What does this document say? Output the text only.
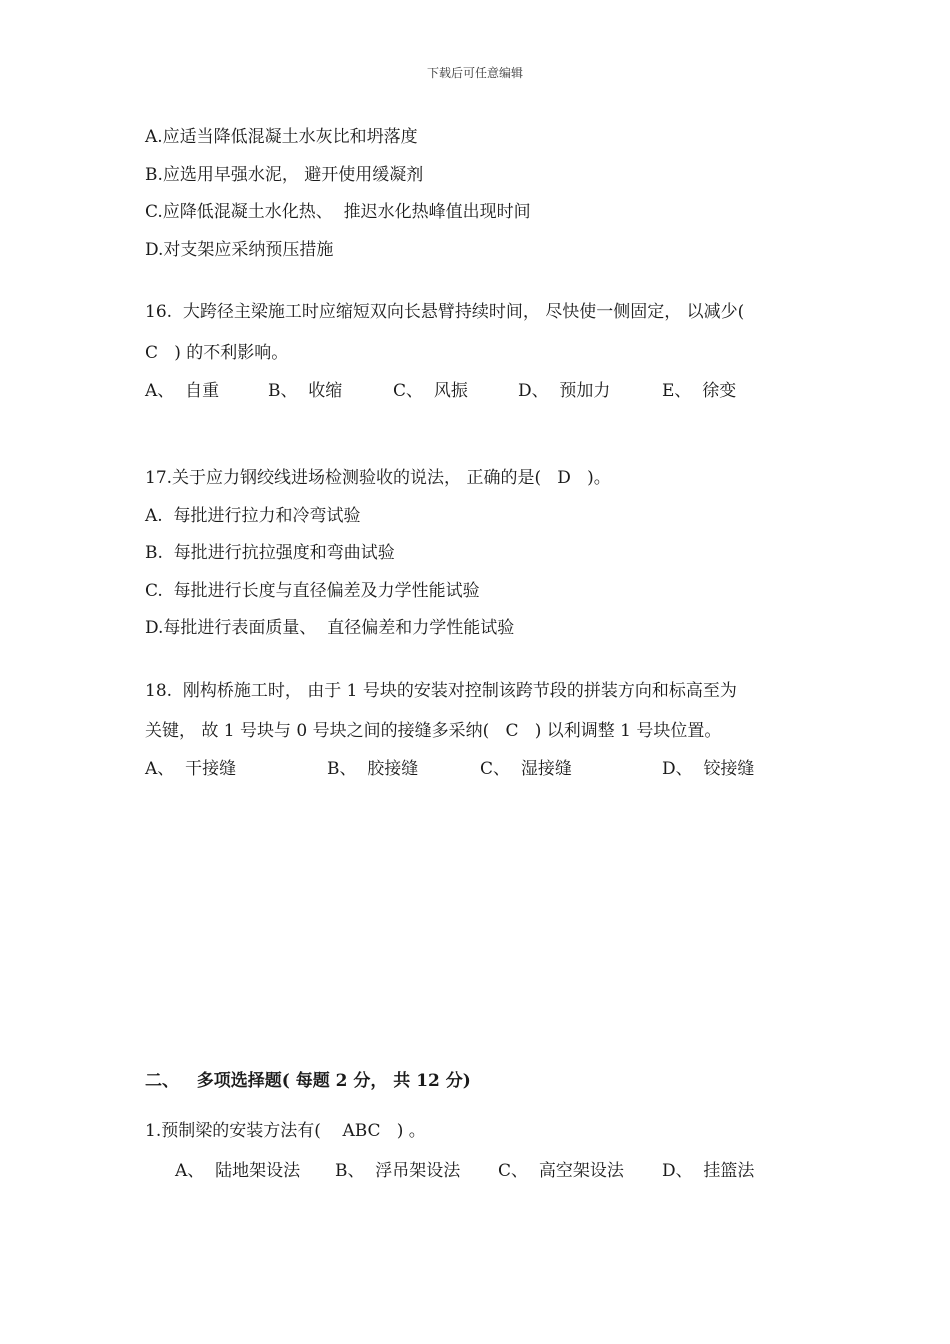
下载后可任意编辑
A.应适当降低混凝土水灰比和坍落度
B.应选用早强水泥， 避开使用缓凝剂
C.应降低混凝土水化热、  推迟水化热峰值出现时间
D.对支架应采纳预压措施
16.  大跨径主梁施工时应缩短双向长悬臂持续时间， 尽快使一侧固定， 以减少(
C   ) 的不利影响。
A、  自重	B、  收缩	C、  风振	D、  预加力	E、  徐变
17.关于应力钢绞线进场检测验收的说法， 正确的是(   D   )。
A.  每批进行拉力和冷弯试验
B.  每批进行抗拉强度和弯曲试验
C.  每批进行长度与直径偏差及力学性能试验
D.每批进行表面质量、  直径偏差和力学性能试验
18.  刚构桥施工时， 由于 1 号块的安装对控制该跨节段的拼装方向和标高至为
关键， 故 1 号块与 0 号块之间的接缝多采纳(   C   ) 以利调整 1 号块位置。
A、  干接缝	B、  胶接缝	C、  湿接缝	D、  铰接缝
二、   多项选择题( 每题 2 分， 共 12 分)
1.预制梁的安装方法有(    ABC   ) 。
A、  陆地架设法 B、  浮吊架设法 C、  高空架设法 D、  挂篮法
